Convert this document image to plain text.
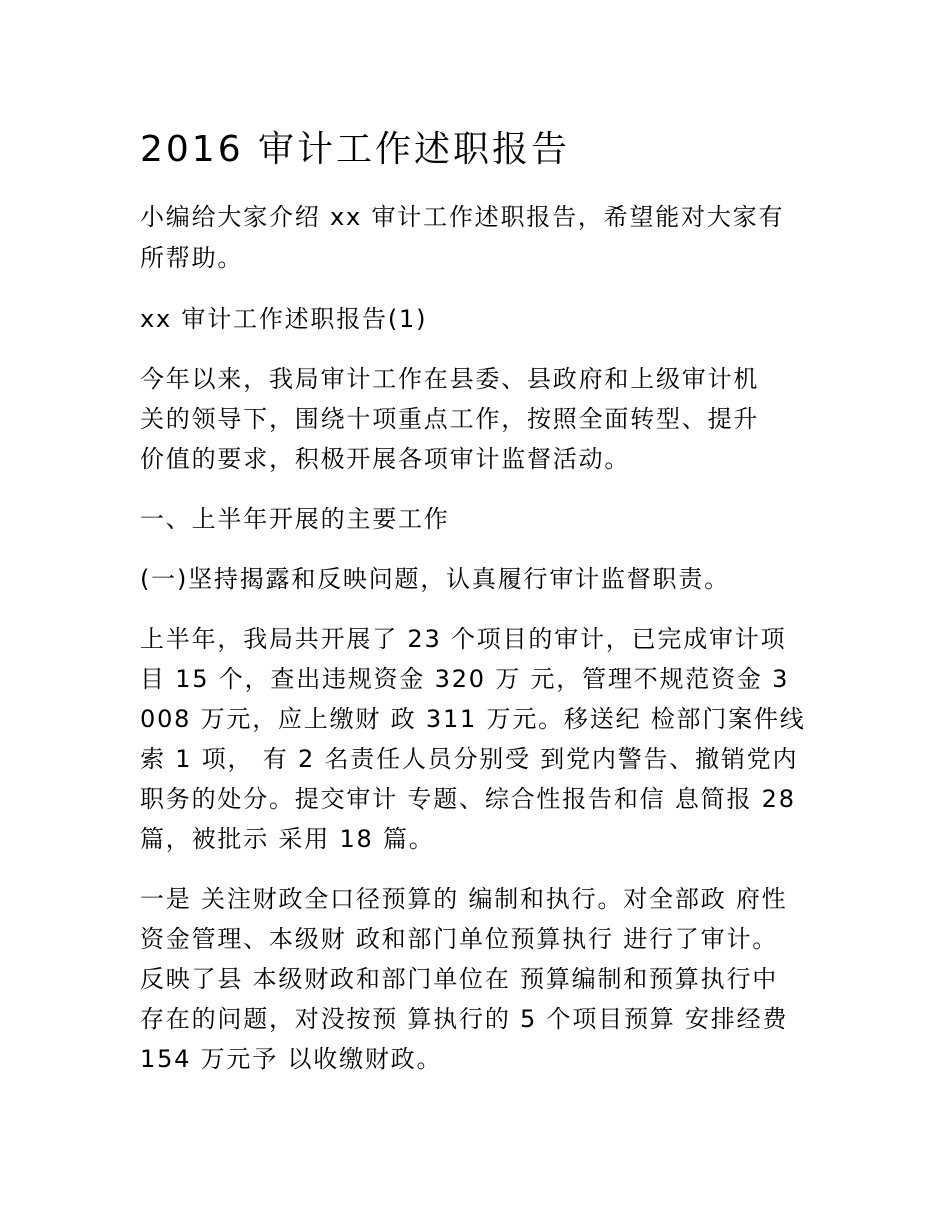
2016 审计工作述职报告

小编给大家介绍 xx 审计工作述职报告，希望能对大家有

所帮助。

xx 审计工作述职报告(1)

今年以来，我局审计工作在县委、县政府和上级审计机

关的领导下，围绕十项重点工作，按照全面转型、提升

价值的要求，积极开展各项审计监督活动。

一、上半年开展的主要工作

(一)坚持揭露和反映问题，认真履行审计监督职责。

上半年，我局共开展了 23 个项目的审计，已完成审计项

目 15 个，查出违规资金 320 万 元，管理不规范资金 3

008 万元，应上缴财 政 311 万元。移送纪 检部门案件线

索 1 项， 有 2 名责任人员分别受 到党内警告、撤销党内

职务的处分。提交审计 专题、综合性报告和信 息简报 28

篇，被批示 采用 18 篇。

一是 关注财政全口径预算的 编制和执行。对全部政 府性

资金管理、本级财 政和部门单位预算执行 进行了审计。

反映了县 本级财政和部门单位在 预算编制和预算执行中

存在的问题，对没按预 算执行的 5 个项目预算 安排经费

154 万元予 以收缴财政。
